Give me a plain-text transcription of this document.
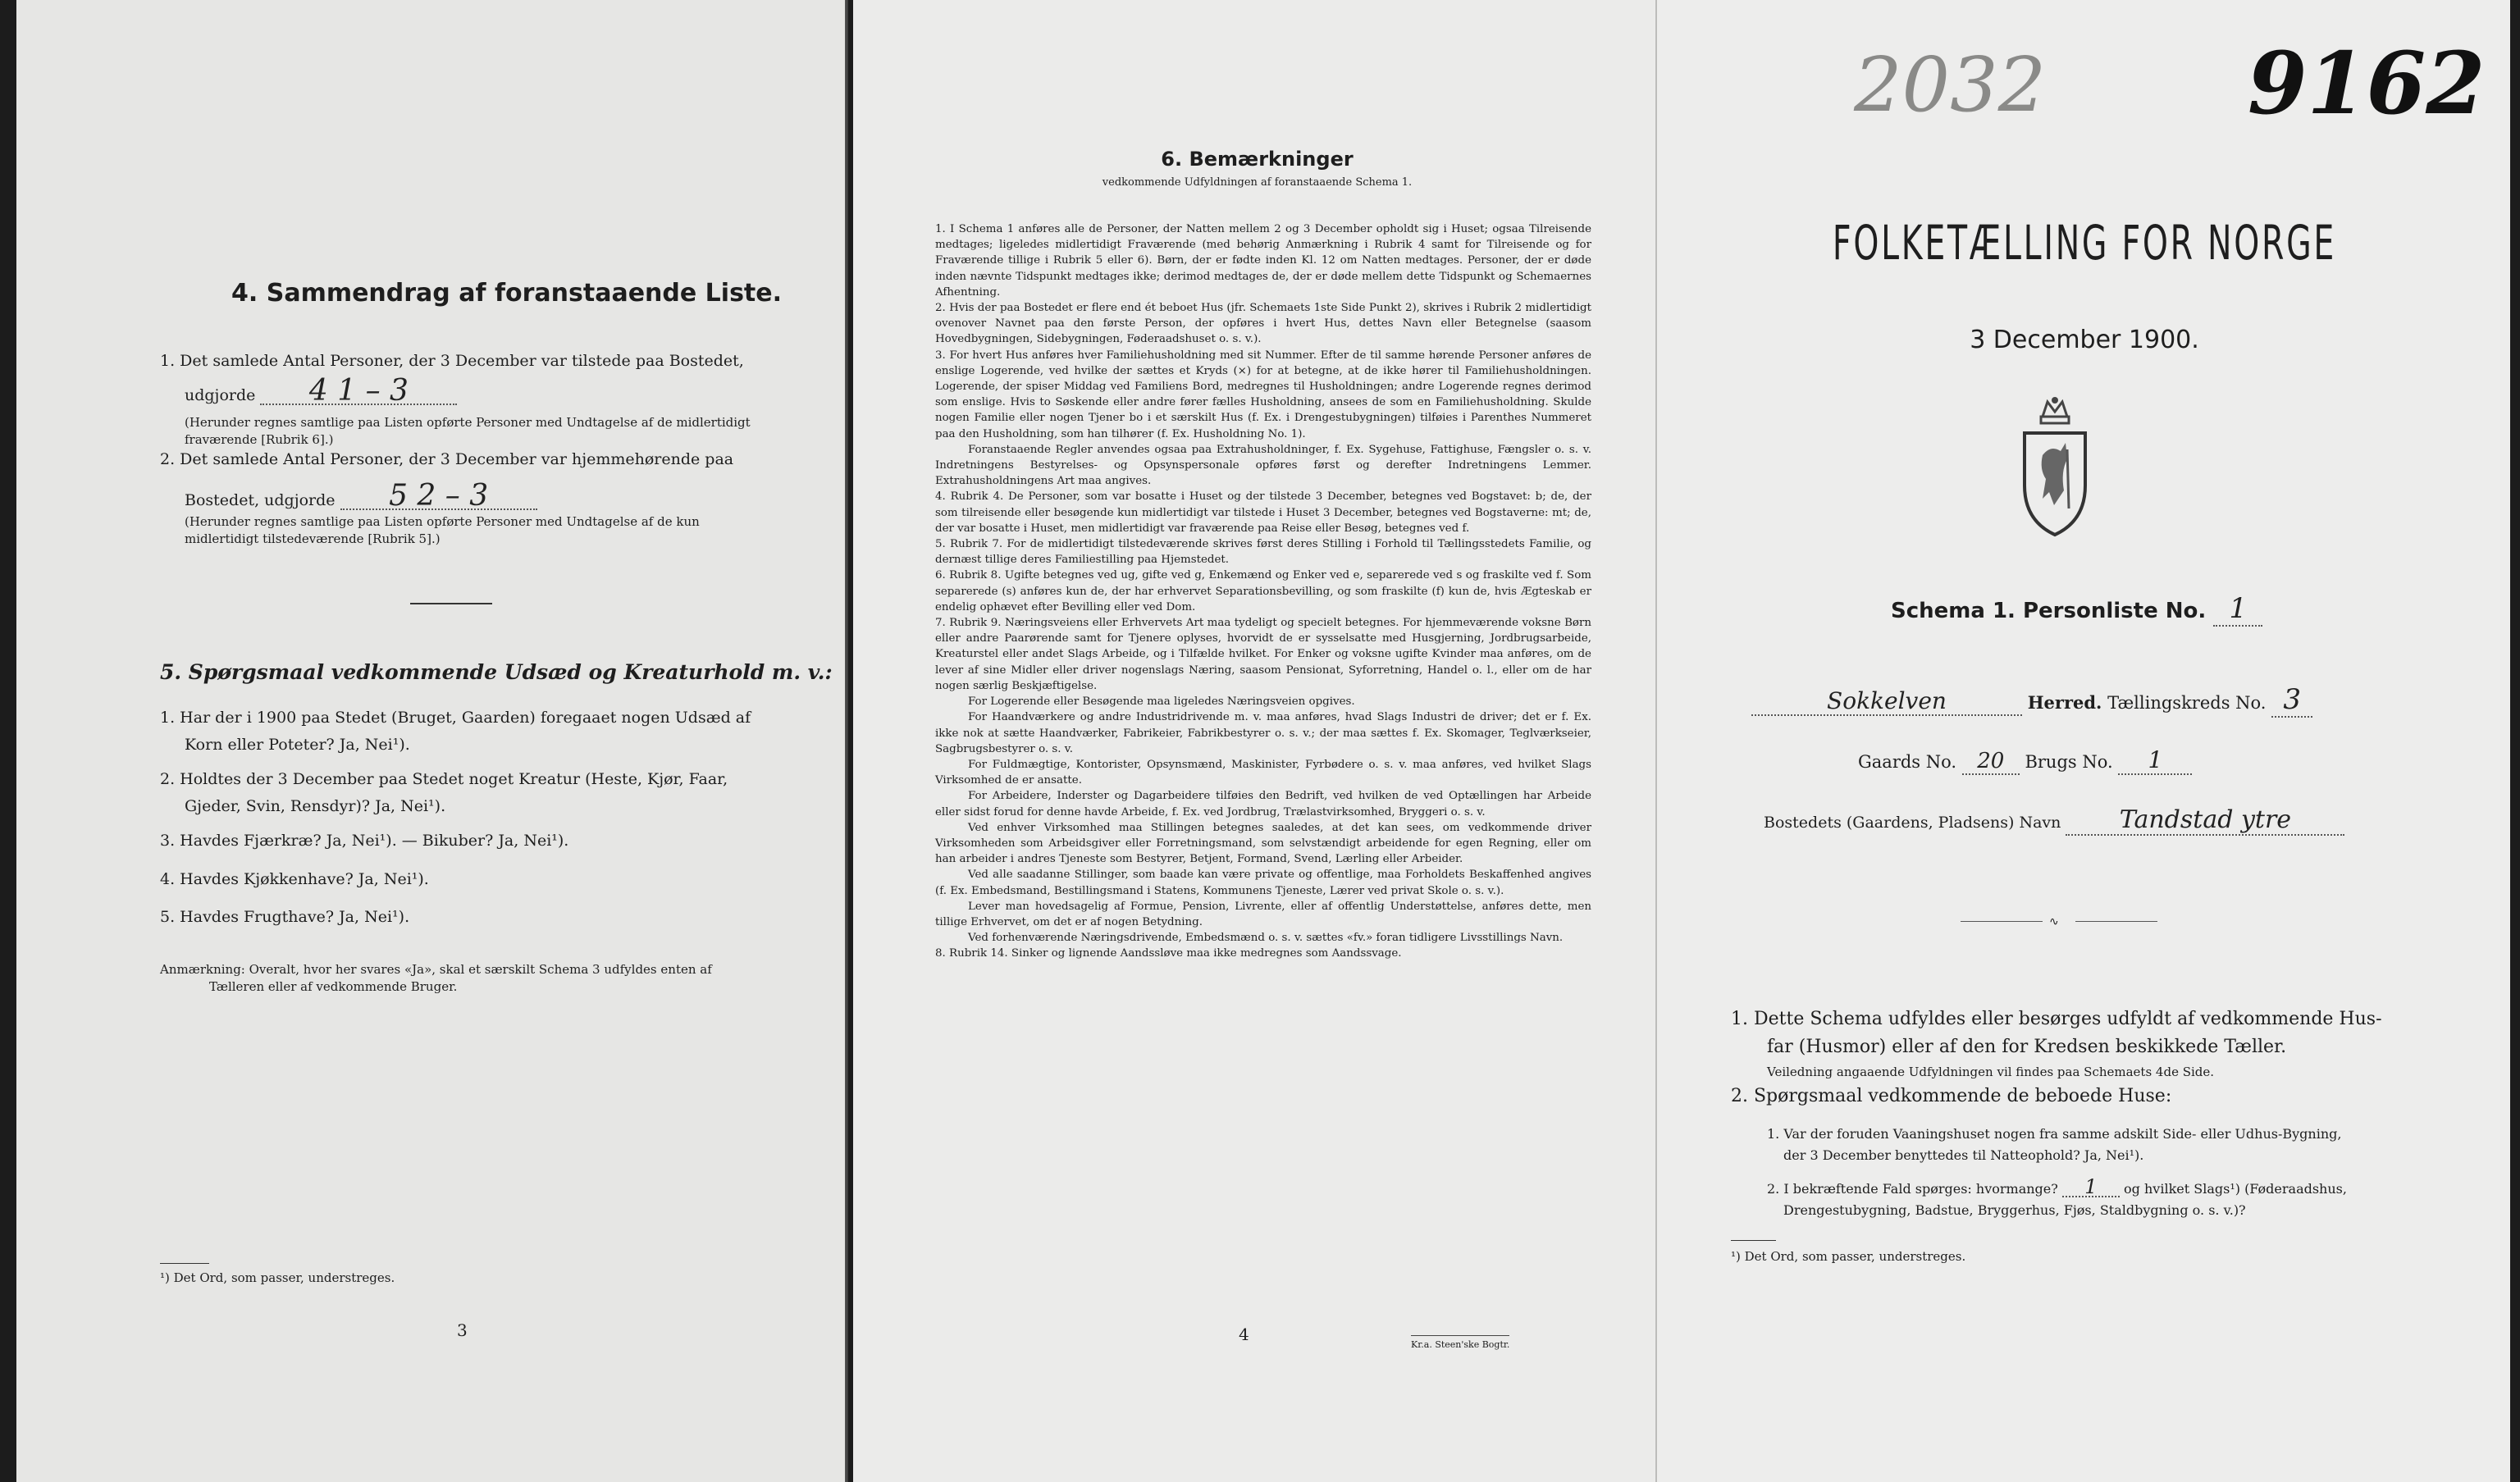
4. Sammendrag af foranstaaende Liste.
1. Det samlede Antal Personer, der 3 December var tilstede paa Bostedet,
udgjorde 4 1 – 3
(Herunder regnes samtlige paa Listen opførte Personer med Undtagelse af de midlertidigt fraværende [Rubrik 6].)
2. Det samlede Antal Personer, der 3 December var hjemmehørende paa
Bostedet, udgjorde 5 2 – 3
(Herunder regnes samtlige paa Listen opførte Personer med Undtagelse af de kun midlertidigt tilstedeværende [Rubrik 5].)
5. Spørgsmaal vedkommende Udsæd og Kreaturhold m. v.:
1. Har der i 1900 paa Stedet (Bruget, Gaarden) foregaaet nogen Udsæd af
Korn eller Poteter? Ja, Nei¹).
2. Holdtes der 3 December paa Stedet noget Kreatur (Heste, Kjør, Faar,
Gjeder, Svin, Rensdyr)? Ja, Nei¹).
3. Havdes Fjærkræ? Ja, Nei¹). — Bikuber? Ja, Nei¹).
4. Havdes Kjøkkenhave? Ja, Nei¹).
5. Havdes Frugthave? Ja, Nei¹).
Anmærkning: Overalt, hvor her svares «Ja», skal et særskilt Schema 3 udfyldes enten af
Tælleren eller af vedkommende Bruger.
¹) Det Ord, som passer, understreges.
3
6. Bemærkninger
vedkommende Udfyldningen af foranstaaende Schema 1.

1. I Schema 1 anføres alle de Personer, der Natten mellem 2 og 3 December opholdt sig i Huset; ogsaa Tilreisende medtages; ligeledes midlertidigt Fraværende (med behørig Anmærkning i Rubrik 4 samt for Tilreisende og for Fraværende tillige i Rubrik 5 eller 6). Børn, der er fødte inden Kl. 12 om Natten medtages. Personer, der er døde inden nævnte Tidspunkt medtages ikke; derimod medtages de, der er døde mellem dette Tidspunkt og Schemaernes Afhentning.

2. Hvis der paa Bostedet er flere end ét beboet Hus (jfr. Schemaets 1ste Side Punkt 2), skrives i Rubrik 2 midlertidigt ovenover Navnet paa den første Person, der opføres i hvert Hus, dettes Navn eller Betegnelse (saasom Hovedbygningen, Sidebygningen, Føderaadshuset o. s. v.).

3. For hvert Hus anføres hver Familiehusholdning med sit Nummer. Efter de til samme hørende Personer anføres de enslige Logerende, ved hvilke der sættes et Kryds (×) for at betegne, at de ikke hører til Familiehusholdningen. Logerende, der spiser Middag ved Familiens Bord, medregnes til Husholdningen; andre Logerende regnes derimod som enslige. Hvis to Søskende eller andre fører fælles Husholdning, ansees de som en Familiehusholdning. Skulde nogen Familie eller nogen Tjener bo i et særskilt Hus (f. Ex. i Drengestubygningen) tilføies i Parenthes Nummeret paa den Husholdning, som han tilhører (f. Ex. Husholdning No. 1).

Foranstaaende Regler anvendes ogsaa paa Extrahusholdninger, f. Ex. Sygehuse, Fattighuse, Fængsler o. s. v. Indretningens Bestyrelses- og Opsynspersonale opføres først og derefter Indretningens Lemmer. Extrahusholdningens Art maa angives.

4. Rubrik 4. De Personer, som var bosatte i Huset og der tilstede 3 December, betegnes ved Bogstavet: b; de, der som tilreisende eller besøgende kun midlertidigt var tilstede i Huset 3 December, betegnes ved Bogstaverne: mt; de, der var bosatte i Huset, men midlertidigt var fraværende paa Reise eller Besøg, betegnes ved f.

5. Rubrik 7. For de midlertidigt tilstedeværende skrives først deres Stilling i Forhold til Tællingsstedets Familie, og dernæst tillige deres Familiestilling paa Hjemstedet.

6. Rubrik 8. Ugifte betegnes ved ug, gifte ved g, Enkemænd og Enker ved e, separerede ved s og fraskilte ved f. Som separerede (s) anføres kun de, der har erhvervet Separationsbevilling, og som fraskilte (f) kun de, hvis Ægteskab er endelig ophævet efter Bevilling eller ved Dom.

7. Rubrik 9. Næringsveiens eller Erhvervets Art maa tydeligt og specielt betegnes. For hjemmeværende voksne Børn eller andre Paarørende samt for Tjenere oplyses, hvorvidt de er sysselsatte med Husgjerning, Jordbrugsarbeide, Kreaturstel eller andet Slags Arbeide, og i Tilfælde hvilket. For Enker og voksne ugifte Kvinder maa anføres, om de lever af sine Midler eller driver nogenslags Næring, saasom Pensionat, Syforretning, Handel o. l., eller om de har nogen særlig Beskjæftigelse.

For Logerende eller Besøgende maa ligeledes Næringsveien opgives.

For Haandværkere og andre Industridrivende m. v. maa anføres, hvad Slags Industri de driver; det er f. Ex. ikke nok at sætte Haandværker, Fabrikeier, Fabrikbestyrer o. s. v.; der maa sættes f. Ex. Skomager, Teglværkseier, Sagbrugsbestyrer o. s. v.

For Fuldmægtige, Kontorister, Opsynsmænd, Maskinister, Fyrbødere o. s. v. maa anføres, ved hvilket Slags Virksomhed de er ansatte.

For Arbeidere, Inderster og Dagarbeidere tilføies den Bedrift, ved hvilken de ved Optællingen har Arbeide eller sidst forud for denne havde Arbeide, f. Ex. ved Jordbrug, Trælastvirksomhed, Bryggeri o. s. v.

Ved enhver Virksomhed maa Stillingen betegnes saaledes, at det kan sees, om vedkommende driver Virksomheden som Arbeidsgiver eller Forretningsmand, som selvstændigt arbeidende for egen Regning, eller om han arbeider i andres Tjeneste som Bestyrer, Betjent, Formand, Svend, Lærling eller Arbeider.

Ved alle saadanne Stillinger, som baade kan være private og offentlige, maa Forholdets Beskaffenhed angives (f. Ex. Embedsmand, Bestillingsmand i Statens, Kommunens Tjeneste, Lærer ved privat Skole o. s. v.).

Lever man hovedsagelig af Formue, Pension, Livrente, eller af offentlig Understøttelse, anføres dette, men tillige Erhvervet, om det er af nogen Betydning.

Ved forhenværende Næringsdrivende, Embedsmænd o. s. v. sættes «fv.» foran tidligere Livsstillings Navn.

8. Rubrik 14. Sinker og lignende Aandssløve maa ikke medregnes som Aandssvage.

4
Kr.a. Steen'ske Bogtr.
2032 9162
FOLKETÆLLING FOR NORGE
3 December 1900.
Schema 1. Personliste No. 1
Sokkelven	Herred. Tællingskreds No. 3
Gaards No. 20 Brugs No. 1
Bostedets (Gaardens, Pladsens) Navn Tandstad ytre
∿
1. Dette Schema udfyldes eller besørges udfyldt af vedkommende Hus-
far (Husmor) eller af den for Kredsen beskikkede Tæller.
Veiledning angaaende Udfyldningen vil findes paa Schemaets 4de Side.
2. Spørgsmaal vedkommende de beboede Huse:
1. Var der foruden Vaaningshuset nogen fra samme adskilt Side- eller Udhus-Bygning,
der 3 December benyttedes til Natteophold? Ja, Nei¹).
2. I bekræftende Fald spørges: hvormange? 1 og hvilket Slags¹) (Føderaadshus,
Drengestubygning, Badstue, Bryggerhus, Fjøs, Staldbygning o. s. v.)?
¹) Det Ord, som passer, understreges.
